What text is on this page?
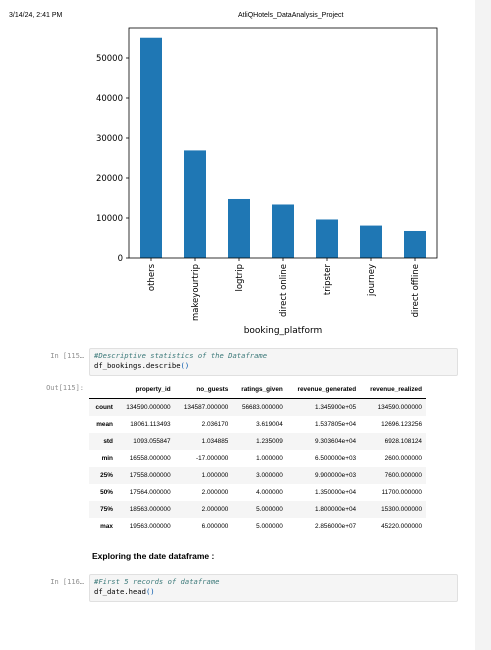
3/14/24, 2:41 PM	AtliQHotels_DataAnalysis_Project
0
10000
20000
30000
40000
50000
others	makeyourtrip	logtrip	direct online	tripster	journey	direct offline
booking_platform
In [115… #Descriptive statistics of the Dataframe
df_bookings.describe()
Out[115]:
		property_id	no_guests	ratings_given	revenue_generated	revenue_realized
count	134590.000000	134587.000000	56683.000000	1.345900e+05	134590.000000
mean	18061.113493	2.036170	3.619004	1.537805e+04	12696.123256
std	1093.055847	1.034885	1.235009	9.303604e+04	6928.108124
min	16558.000000	-17.000000	1.000000	6.500000e+03	2600.000000
25%	17558.000000	1.000000	3.000000	9.900000e+03	7600.000000
50%	17564.000000	2.000000	4.000000	1.350000e+04	11700.000000
75%	18563.000000	2.000000	5.000000	1.800000e+04	15300.000000
max	19563.000000	6.000000	5.000000	2.856000e+07	45220.000000
Exploring the date dataframe :
In [116… #First 5 records of dataframe
df_date.head()
